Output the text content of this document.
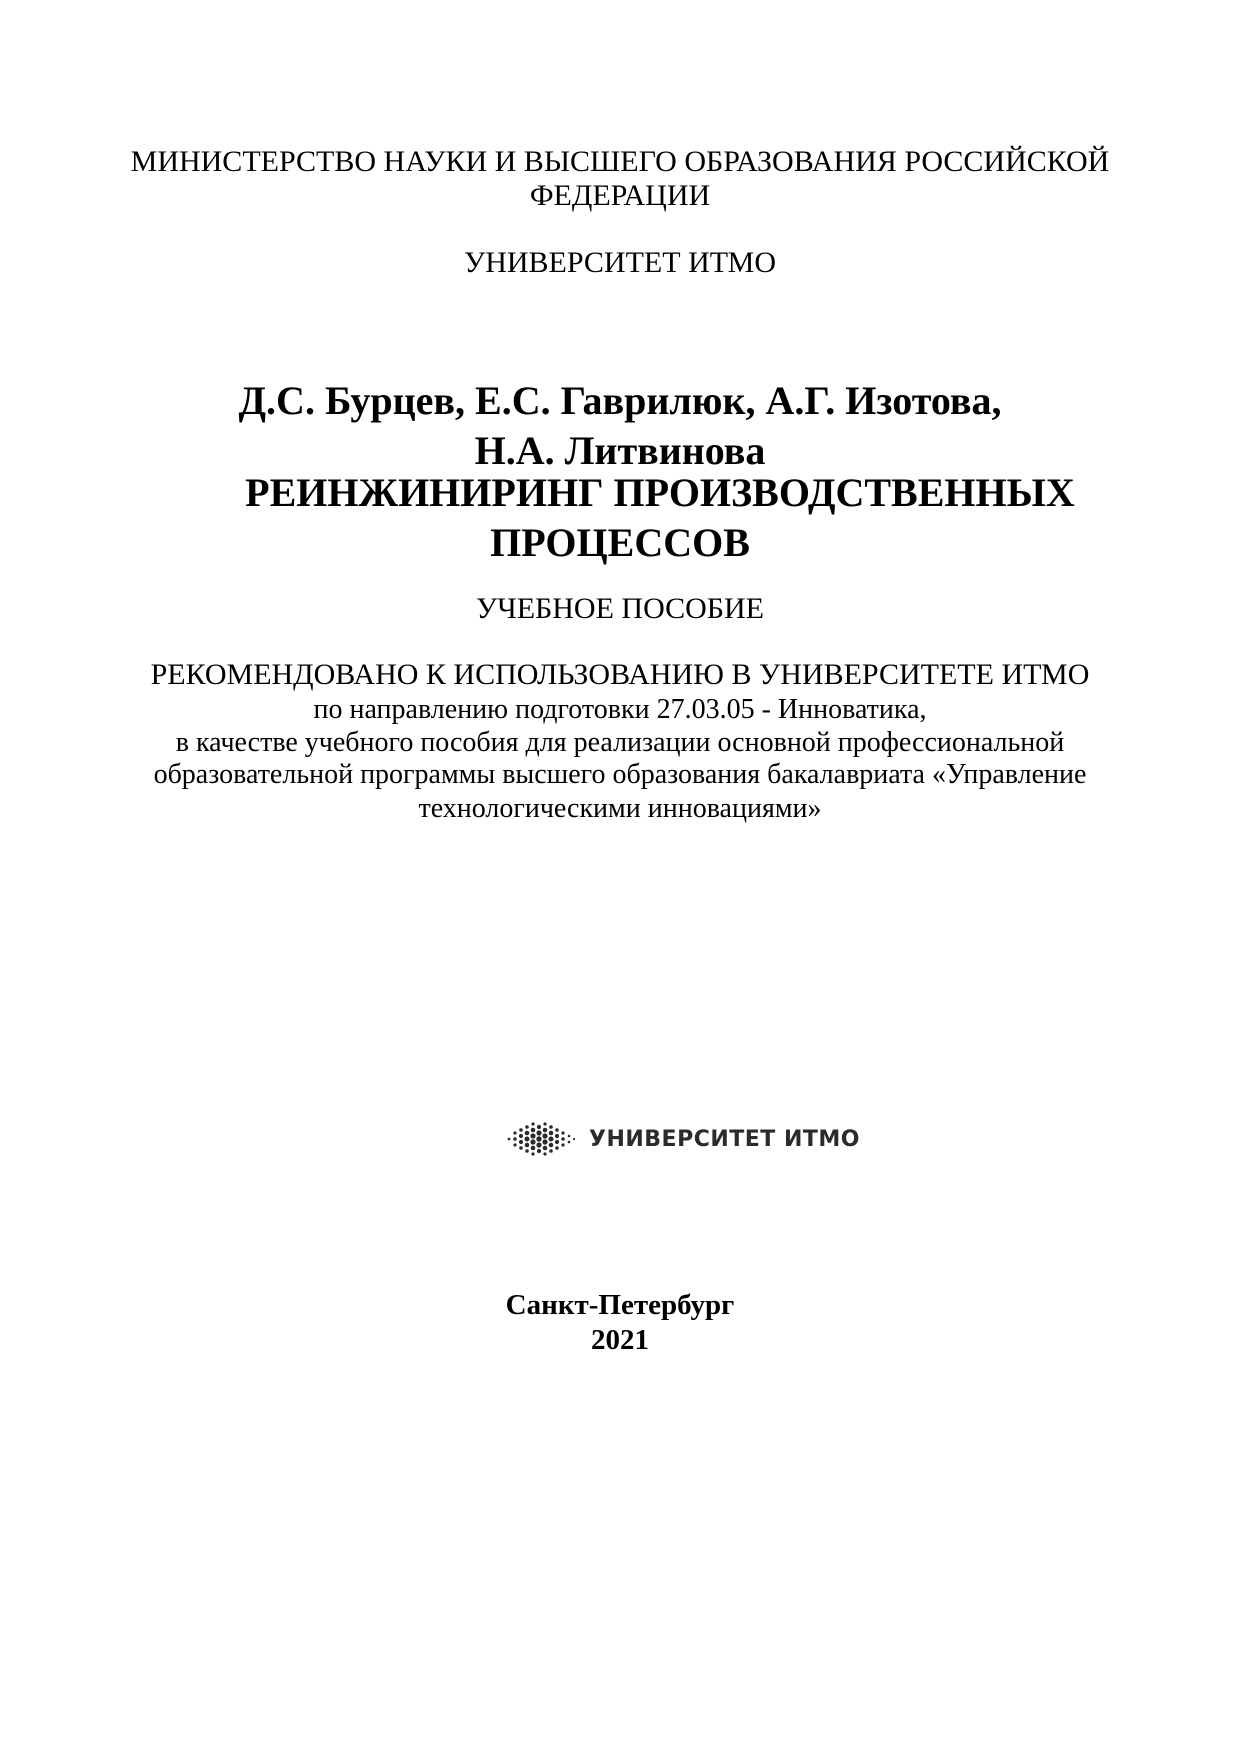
МИНИСТЕРСТВО НАУКИ И ВЫСШЕГО ОБРАЗОВАНИЯ РОССИЙСКОЙ

ФЕДЕРАЦИИ

УНИВЕРСИТЕТ ИТМО

Д.С. Бурцев, Е.С. Гаврилюк, А.Г. Изотова,

Н.А. Литвинова

РЕИНЖИНИРИНГ ПРОИЗВОДСТВЕННЫХ

ПРОЦЕССОВ

УЧЕБНОЕ ПОСОБИЕ

РЕКОМЕНДОВАНО К ИСПОЛЬЗОВАНИЮ В УНИВЕРСИТЕТЕ ИТМО

по направлению подготовки 27.03.05 - Инноватика,

в качестве учебного пособия для реализации основной профессиональной

образовательной программы высшего образования бакалавриата «Управление

технологическими инновациями»

УНИВЕРСИТЕТ ИТМО

Санкт-Петербург

2021
